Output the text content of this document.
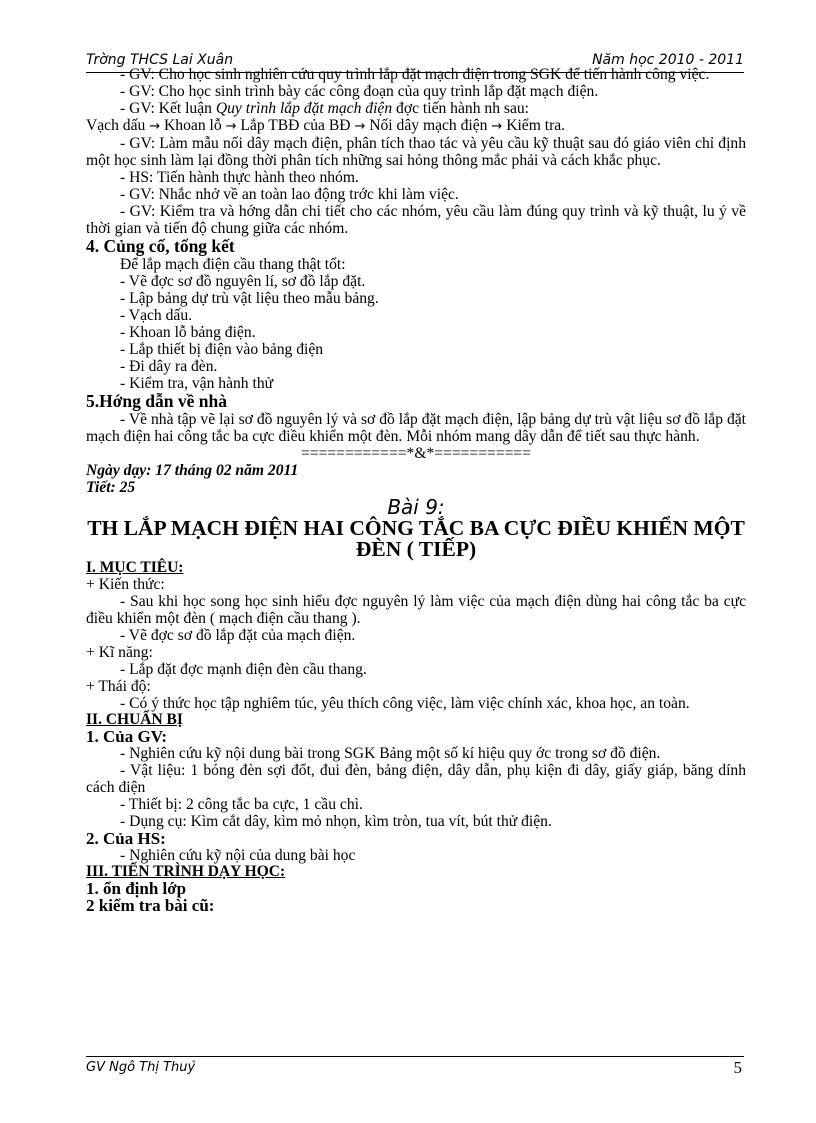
Trờng THCS Lai Xuân	Năm học 2010 - 2011

- GV: Cho học sinh nghiên cứu quy trình lắp đặt mạch điện trong SGK để tiến hành công việc.

- GV: Cho học sinh trình bày các công đoạn của quy trình lắp đặt mạch điện.

- GV: Kết luận Quy trình lắp đặt mạch điện đợc tiến hành nh sau:

Vạch dấu → Khoan lỗ → Lắp TBĐ của BĐ → Nối dây mạch điện → Kiểm tra.

- GV: Làm mẫu nối dây mạch điện, phân tích thao tác và yêu cầu kỹ thuật sau đó giáo viên chỉ định một học sinh làm lại đồng thời phân tích những sai hỏng thông mắc phải và cách khắc phục.

- HS: Tiến hành thực hành theo nhóm.

- GV: Nhắc nhở về an toàn lao động trớc khi làm việc.

- GV: Kiểm tra và hớng dẫn chi tiết cho các nhóm, yêu cầu làm đúng quy trình và kỹ thuật, lu ý về thời gian và tiến độ chung giữa các nhóm.

4. Củng cố, tổng kết

Để lắp mạch điện cầu thang thật tốt:

- Vẽ đợc sơ đồ nguyên lí, sơ đồ lắp đặt.

- Lập bảng dự trù vật liệu theo mẫu bảng.

- Vạch dấu.

- Khoan lỗ bảng điện.

- Lắp thiết bị điện vào bảng điện

- Đi dây ra đèn.

- Kiểm tra, vận hành thử

5.Hớng dẫn về nhà

- Về nhà tập vẽ lại sơ đồ nguyên lý và sơ đồ lắp đặt mạch điện, lập bảng dự trù vật liệu sơ đồ lắp đặt mạch điện hai công tắc ba cực điều khiển một đèn. Mỗi nhóm mang dây dẫn để tiết sau thực hành.

============*&*===========

Ngày dạy: 17 tháng 02 năm 2011

Tiết: 25

Bài 9:

TH LẮP MẠCH ĐIỆN HAI CÔNG TẮC BA CỰC ĐIỀU KHIỂN MỘT ĐÈN ( TIẾP)

I. MỤC TIÊU:

+ Kiến thức:

- Sau khi học song học sinh hiểu đợc nguyên lý làm việc của mạch điện dùng hai công tắc ba cực điều khiển một đèn ( mạch điện cầu thang ).

- Vẽ đợc sơ đồ lắp đặt của mạch điện.

+ Kĩ năng:

- Lắp đặt đợc mạnh điện đèn cầu thang.

+ Thái độ:

- Có ý thức học tập nghiêm túc, yêu thích công việc, làm việc chính xác, khoa học, an toàn.

II. CHUẨN BỊ

1. Của GV:

- Nghiên cứu kỹ nội dung bài trong SGK Bảng một số kí hiệu quy ớc trong sơ đồ điện.

- Vật liệu: 1 bóng đèn sợi đốt, đui đèn, bảng điện, dây dẫn, phụ kiện đi dây, giấy giáp, băng dính cách điện

- Thiết bị: 2 công tắc ba cực, 1 cầu chì.

- Dụng cụ: Kìm cắt dây, kìm mỏ nhọn, kìm tròn, tua vít, bút thử điện.

2. Của HS:

- Nghiên cứu kỹ nội của dung bài học

III. TIẾN TRÌNH DẠY HỌC:

1. ổn định lớp

2 kiểm tra bài cũ:

GV Ngô Thị Thuỷ	5
